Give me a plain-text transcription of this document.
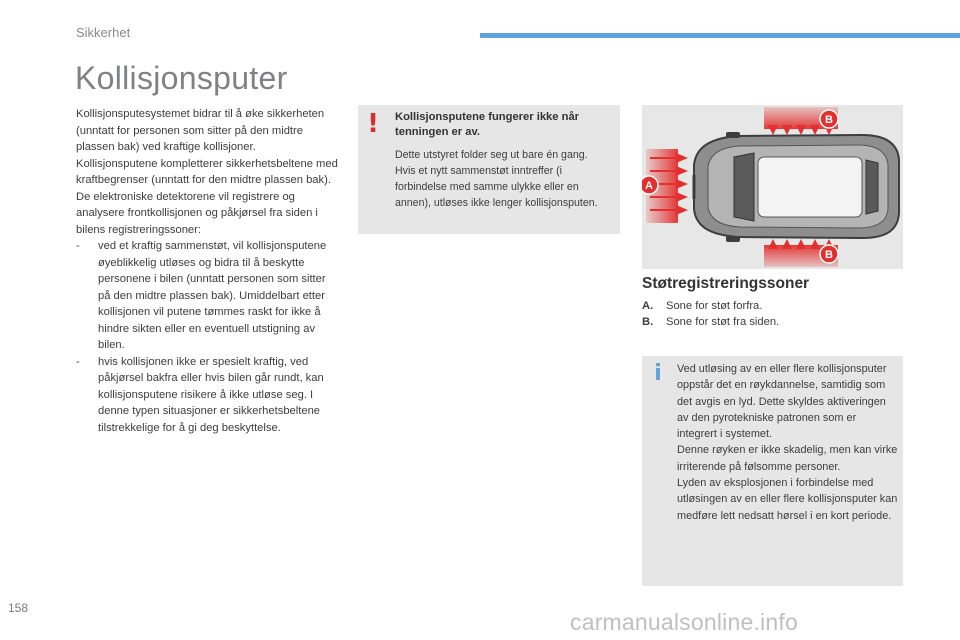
Sikkerhet
Kollisjonsputer

Kollisjonsputesystemet bidrar til å øke sikkerheten (unntatt for personen som sitter på den midtre plassen bak) ved kraftige kollisjoner. Kollisjonsputene kompletterer sikkerhetsbeltene med kraftbegrenser (unntatt for den midtre plassen bak).

De elektroniske detektorene vil registrere og analysere frontkollisjonen og påkjørsel fra siden i bilens registreringssoner:

- ved et kraftig sammenstøt, vil kollisjonsputene øyeblikkelig utløses og bidra til å beskytte personene i bilen (unntatt personen som sitter på den midtre plassen bak). Umiddelbart etter kollisjonen vil putene tømmes raskt for ikke å hindre sikten eller en eventuell utstigning av bilen.
- hvis kollisjonen ikke er spesielt kraftig, ved påkjørsel bakfra eller hvis bilen går rundt, kan kollisjonsputene risikere å ikke utløse seg. I denne typen situasjoner er sikkerhetsbeltene tilstrekkelige for å gi deg beskyttelse.
! Kollisjonsputene fungerer ikke når tenningen er av.

Dette utstyret folder seg ut bare én gang. Hvis et nytt sammenstøt inntreffer (i forbindelse med samme ulykke eller en annen), utløses ikke lenger kollisjonsputen.

A
B
B
Støtregistreringssoner
A. Sone for støt forfra.
B. Sone for støt fra siden.
i Ved utløsing av en eller flere kollisjonsputer oppstår det en røykdannelse, samtidig som det avgis en lyd. Dette skyldes aktiveringen av den pyrotekniske patronen som er integrert i systemet.
Denne røyken er ikke skadelig, men kan virke irriterende på følsomme personer.
Lyden av eksplosjonen i forbindelse med utløsingen av en eller flere kollisjonsputer kan medføre lett nedsatt hørsel i en kort periode.
158
carmanualsonline.info
